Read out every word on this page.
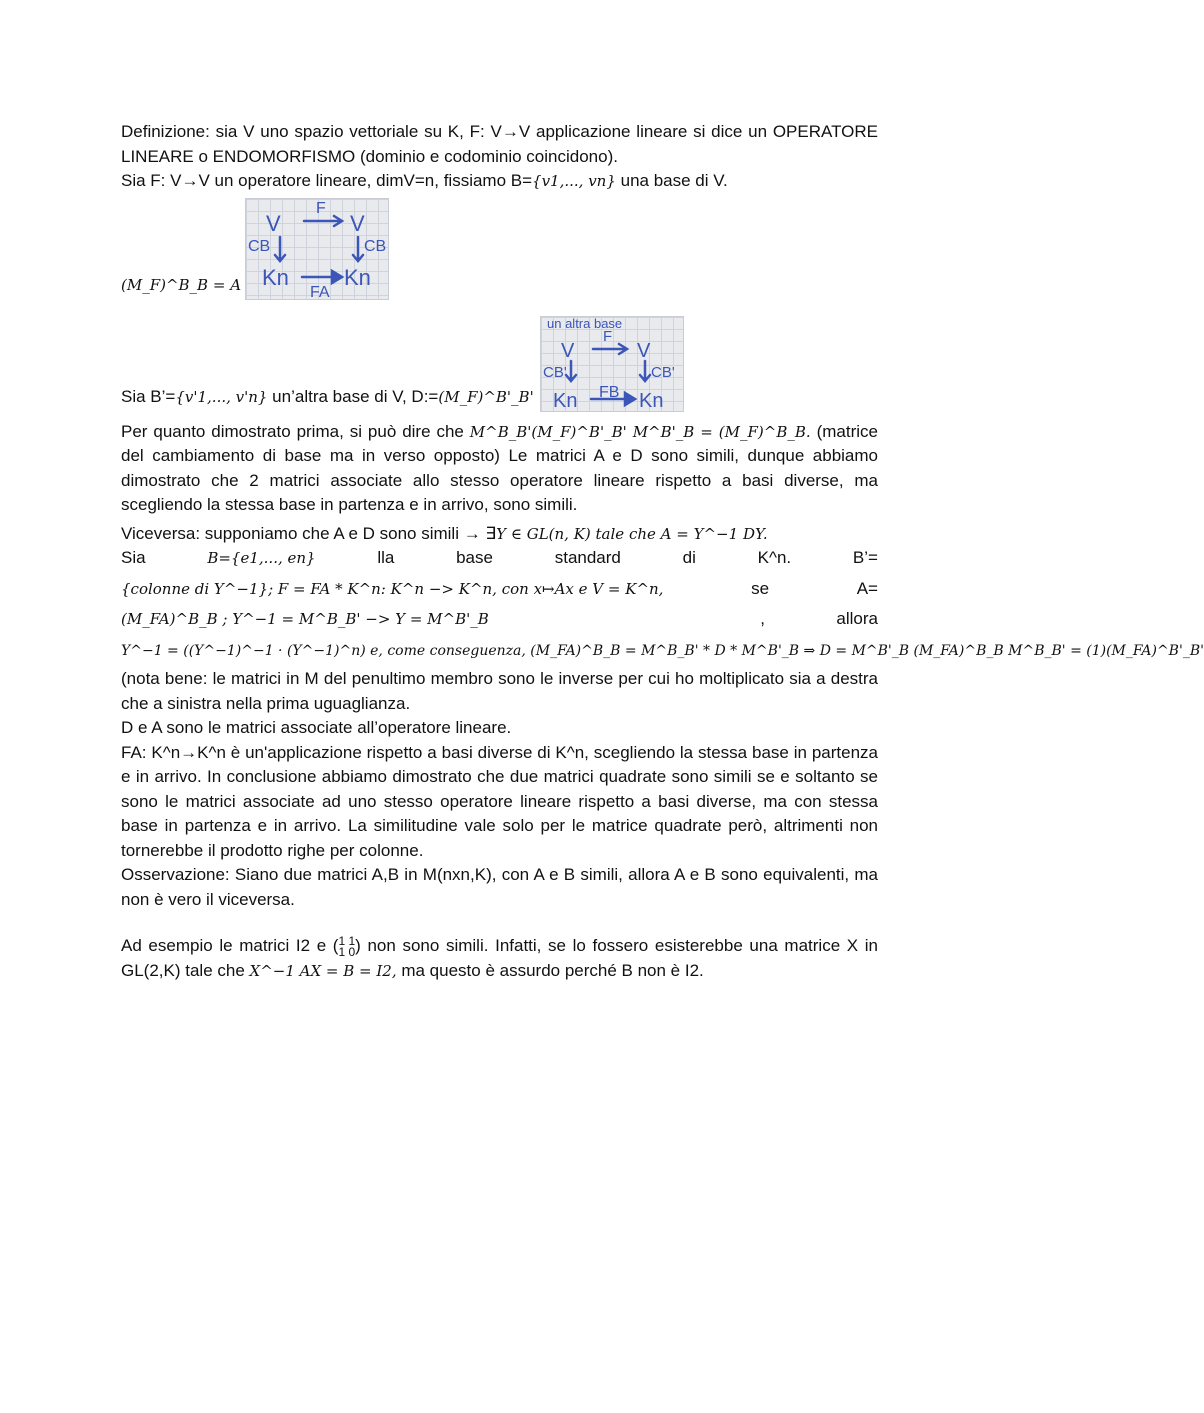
Definizione: sia V uno spazio vettoriale su K, F: V→V applicazione lineare si dice un OPERATORE LINEARE o ENDOMORFISMO (dominio e codominio coincidono).

Sia F: V→V un operatore lineare, dimV=n, fissiamo B={v1,..., vn} una base di V.

(M_F)^B_B = A
V
F
V
CB	CB
Kn
FA
Kn
Sia B’={v'1,..., v'n} un’altra base di V, D:=(M_F)^B'_B'
un altra base
V
F
V
CB'	CB'
Kn FB Kn

Per quanto dimostrato prima, si può dire che M^B_B'(M_F)^B'_B' M^B'_B = (M_F)^B_B. (matrice del cambiamento di base ma in verso opposto) Le matrici A e D sono simili, dunque abbiamo dimostrato che 2 matrici associate allo stesso operatore lineare rispetto a basi diverse, ma scegliendo la stessa base in partenza e in arrivo, sono simili.

Viceversa: supponiamo che A e D sono simili → ∃Y ∈ GL(n, K) tale che A = Y^−1 DY.

Sia	B={e1,..., en}	lla	base	standard	di	K^n.	B’=
{colonne di Y^−1}; F = FA * K^n: K^n −> K^n, con x↦Ax e V = K^n,	se	A=
(M_FA)^B_B ; Y^−1 = M^B_B' −> Y = M^B'_B	,	allora
Y^−1 = ((Y^−1)^−1 · (Y^−1)^n) e, come conseguenza, (M_FA)^B_B = M^B_B' * D * M^B'_B ⇒ D = M^B'_B (M_FA)^B_B M^B_B' = (1)(M_FA)^B'_B'

(nota bene: le matrici in M del penultimo membro sono le inverse per cui ho moltiplicato sia a destra che a sinistra nella prima uguaglianza.

D e A sono le matrici associate all’operatore lineare.

FA: K^n→K^n è un'applicazione rispetto a basi diverse di K^n, scegliendo la stessa base in partenza e in arrivo. In conclusione abbiamo dimostrato che due matrici quadrate sono simili se e soltanto se sono le matrici associate ad uno stesso operatore lineare rispetto a basi diverse, ma con stessa base in partenza e in arrivo. La similitudine vale solo per le matrice quadrate però, altrimenti non tornerebbe il prodotto righe per colonne.

Osservazione: Siano due matrici A,B in M(nxn,K), con A e B simili, allora A e B sono equivalenti, ma non è vero il viceversa.

Ad esempio le matrici I2 e (1 1
1 0) non sono simili. Infatti, se lo fossero esisterebbe una matrice X in GL(2,K) tale che X^−1 AX = B = I2, ma questo è assurdo perché B non è I2.
